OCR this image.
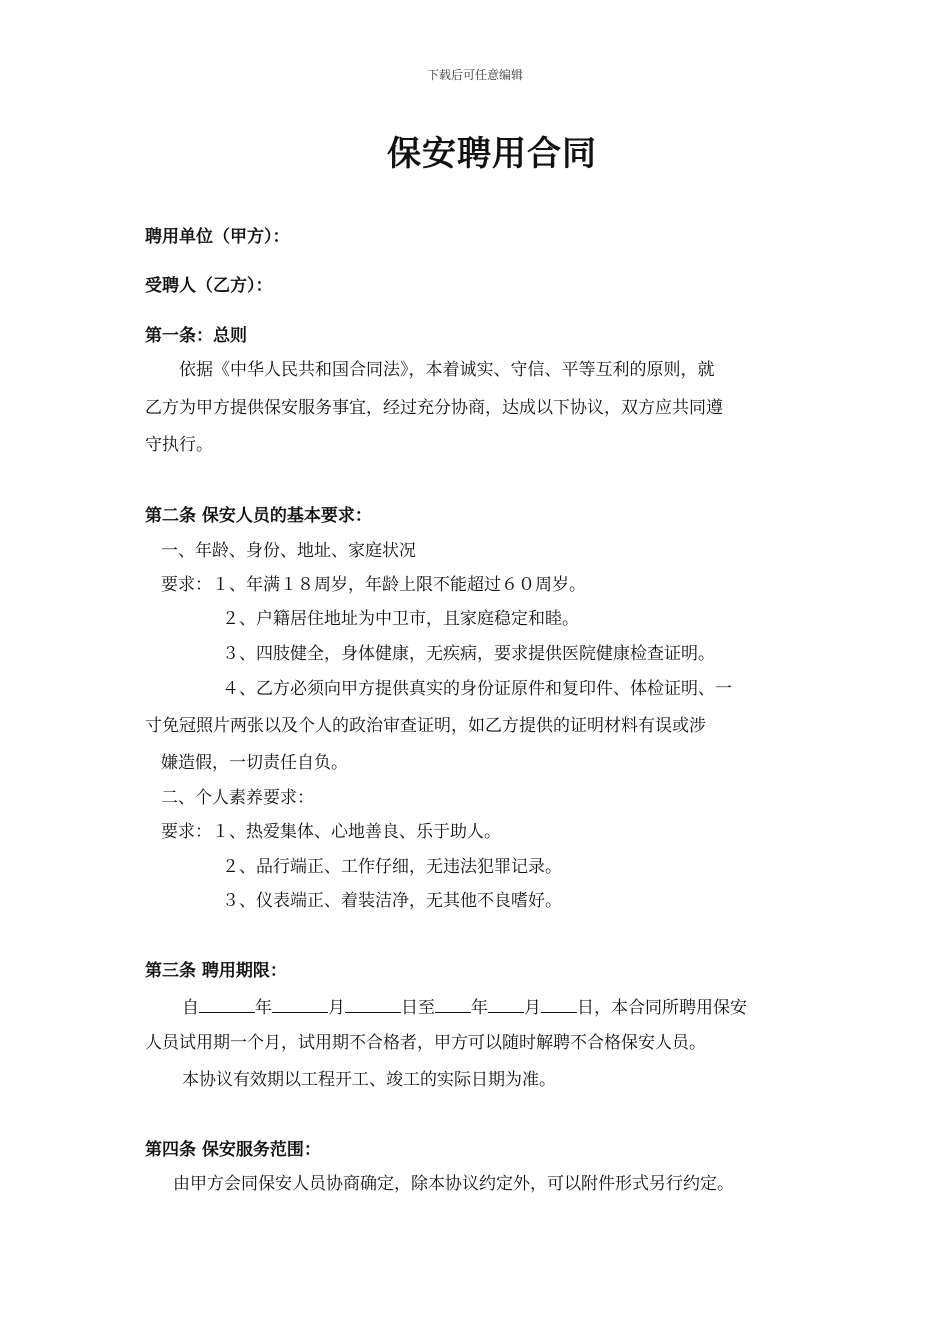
下载后可任意编辑
保安聘用合同
聘用单位（甲方）：
受聘人（乙方）：
第一条：总则
依据《中华人民共和国合同法》，本着诚实、守信、平等互利的原则，就
乙方为甲方提供保安服务事宜，经过充分协商，达成以下协议，双方应共同遵
守执行。
第二条 保安人员的基本要求：
一、年龄、身份、地址、家庭状况
要求：１、年满１８周岁，年龄上限不能超过６０周岁。
２、户籍居住地址为中卫市，且家庭稳定和睦。
３、四肢健全，身体健康，无疾病，要求提供医院健康检查证明。
４、乙方必须向甲方提供真实的身份证原件和复印件、体检证明、一
寸免冠照片两张以及个人的政治审查证明，如乙方提供的证明材料有误或涉
嫌造假，一切责任自负。
二、个人素养要求：
要求：１、热爱集体、心地善良、乐于助人。
２、品行端正、工作仔细，无违法犯罪记录。
３、仪表端正、着装洁净，无其他不良嗜好。
第三条 聘用期限：
自	年	月	日至 年 月 日，本合同所聘用保安
人员试用期一个月，试用期不合格者，甲方可以随时解聘不合格保安人员。
本协议有效期以工程开工、竣工的实际日期为准。
第四条 保安服务范围：
由甲方会同保安人员协商确定，除本协议约定外，可以附件形式另行约定。
